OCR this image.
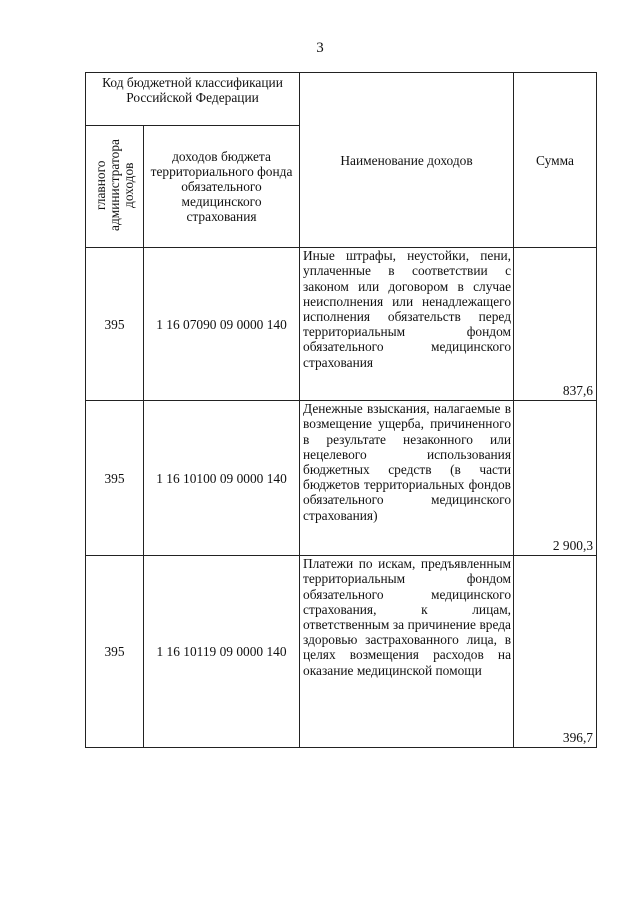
3
Код бюджетной классификации Российской Федерации		Наименование доходов	Сумма
главного администратора доходов	доходов бюджета территориального фонда обязательного медицинского страхования		
395	1 16 07090 09 0000 140	Иные штрафы, неустойки, пени, уплаченные в соответствии с законом или договором в случае неисполнения или ненадлежащего исполнения обязательств перед территориальным фондом обязательного медицинского страхования	837,6
395	1 16 10100 09 0000 140	Денежные взыскания, налагаемые в возмещение ущерба, причиненного в результате незаконного или нецелевого использования бюджетных средств (в части бюджетов территориальных фондов обязательного медицинского страхования)	2 900,3
395	1 16 10119 09 0000 140	Платежи по искам, предъявленным территориальным фондом обязательного медицинского страхования, к лицам, ответственным за причинение вреда здоровью застрахованного лица, в целях возмещения расходов на оказание медицинской помощи	396,7
